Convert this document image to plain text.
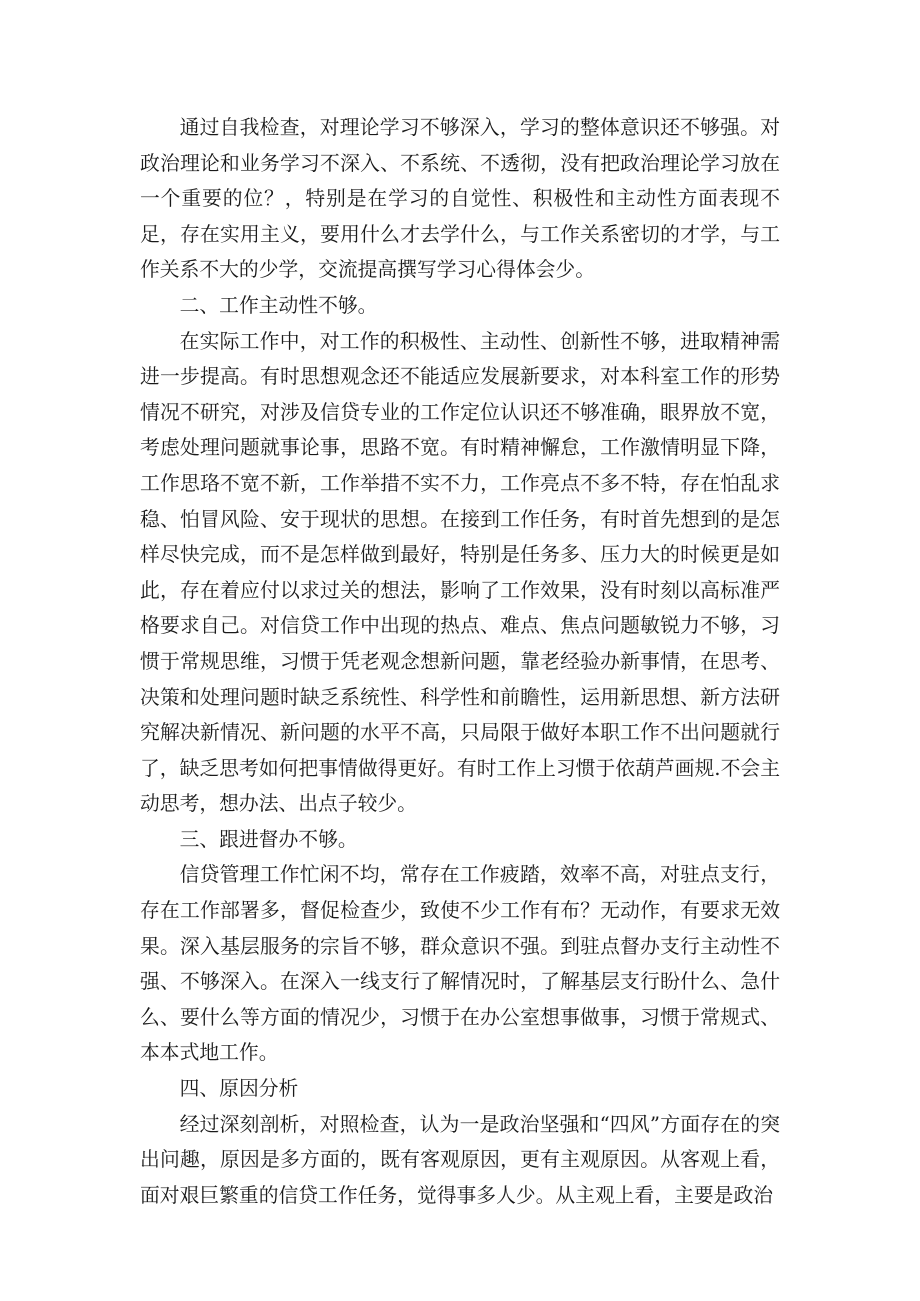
通过自我检查，对理论学习不够深入，学习的整体意识还不够强。对政治理论和业务学习不深入、不系统、不透彻，没有把政治理论学习放在一个重要的位？，特别是在学习的自觉性、积极性和主动性方面表现不足，存在实用主义，要用什么才去学什么，与工作关系密切的才学，与工作关系不大的少学，交流提高撰写学习心得体会少。

二、工作主动性不够。

在实际工作中，对工作的积极性、主动性、创新性不够，进取精神需进一步提高。有时思想观念还不能适应发展新要求，对本科室工作的形势情况不研究，对涉及信贷专业的工作定位认识还不够准确，眼界放不宽，考虑处理问题就事论事，思路不宽。有时精神懈怠，工作激情明显下降，工作思珞不宽不新，工作举措不实不力，工作亮点不多不特，存在怕乱求稳、怕冒风险、安于现状的思想。在接到工作任务，有时首先想到的是怎样尽快完成，而不是怎样做到最好，特别是任务多、压力大的时候更是如此，存在着应付以求过关的想法，影响了工作效果，没有时刻以高标准严格要求自己。对信贷工作中出现的热点、难点、焦点问题敏锐力不够，习惯于常规思维，习惯于凭老观念想新问题，靠老经验办新事情，在思考、决策和处理问题时缺乏系统性、科学性和前瞻性，运用新思想、新方法研究解决新情况、新问题的水平不高，只局限于做好本职工作不出问题就行了，缺乏思考如何把事情做得更好。有时工作上习惯于依葫芦画规.不会主动思考，想办法、出点子较少。

三、跟进督办不够。

信贷管理工作忙闲不均，常存在工作疲踏，效率不高，对驻点支行，存在工作部署多，督促检查少，致使不少工作有布？无动作，有要求无效果。深入基层服务的宗旨不够，群众意识不强。到驻点督办支行主动性不强、不够深入。在深入一线支行了解情况时，了解基层支行盼什么、急什么、要什么等方面的情况少，习惯于在办公室想事做事，习惯于常规式、本本式地工作。

四、原因分析

经过深刻剖析，对照检查，认为一是政治坚强和“四风”方面存在的突出问趣，原因是多方面的，既有客观原因，更有主观原因。从客观上看，面对艰巨繁重的信贷工作任务，觉得事多人少。从主观上看，主要是政治
